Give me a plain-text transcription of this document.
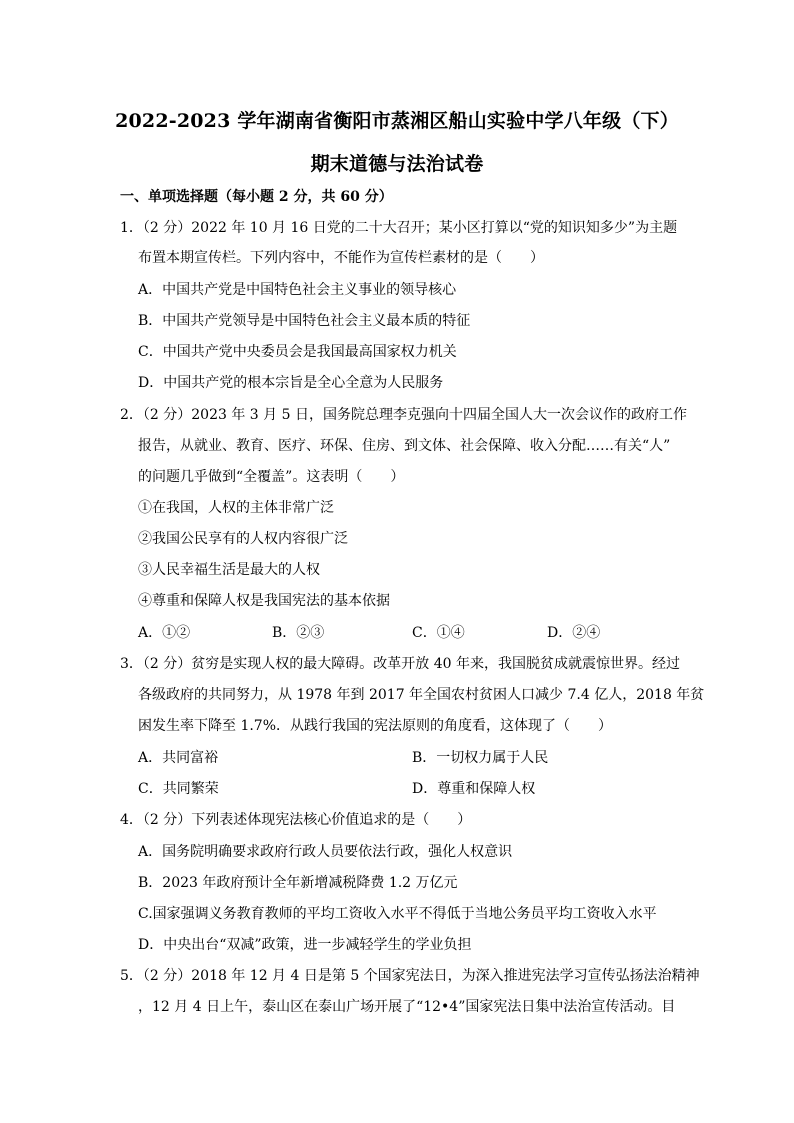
2022-2023 学年湖南省衡阳市蒸湘区船山实验中学八年级（下）
期末道德与法治试卷
一、单项选择题（每小题 2 分，共 60 分）
1．（2 分）2022 年 10 月 16 日党的二十大召开；某小区打算以“党的知识知多少”为主题
布置本期宣传栏。下列内容中，不能作为宣传栏素材的是（　　）
A．中国共产党是中国特色社会主义事业的领导核心
B．中国共产党领导是中国特色社会主义最本质的特征
C．中国共产党中央委员会是我国最高国家权力机关
D．中国共产党的根本宗旨是全心全意为人民服务
2．（2 分）2023 年 3 月 5 日，国务院总理李克强向十四届全国人大一次会议作的政府工作
报告，从就业、教育、医疗、环保、住房、到文体、社会保障、收入分配……有关“人”
的问题几乎做到“全覆盖”。这表明（　　）
①在我国，人权的主体非常广泛
②我国公民享有的人权内容很广泛
③人民幸福生活是最大的人权
④尊重和保障人权是我国宪法的基本依据
A．①②	B．②③	C．①④	D．②④
3．（2 分）贫穷是实现人权的最大障碍。改革开放 40 年来，我国脱贫成就震惊世界。经过
各级政府的共同努力，从 1978 年到 2017 年全国农村贫困人口减少 7.4 亿人，2018 年贫
困发生率下降至 1.7%．从践行我国的宪法原则的角度看，这体现了（　　）
A．共同富裕	B．一切权力属于人民
C．共同繁荣	D．尊重和保障人权
4．（2 分）下列表述体现宪法核心价值追求的是（　　）
A．国务院明确要求政府行政人员要依法行政，强化人权意识
B．2023 年政府预计全年新增减税降费 1.2 万亿元
C.国家强调义务教育教师的平均工资收入水平不得低于当地公务员平均工资收入水平
D．中央出台“双减”政策，进一步减轻学生的学业负担
5．（2 分）2018 年 12 月 4 日是第 5 个国家宪法日，为深入推进宪法学习宣传弘扬法治精神
，12 月 4 日上午，泰山区在泰山广场开展了“12•4”国家宪法日集中法治宣传活动。目
